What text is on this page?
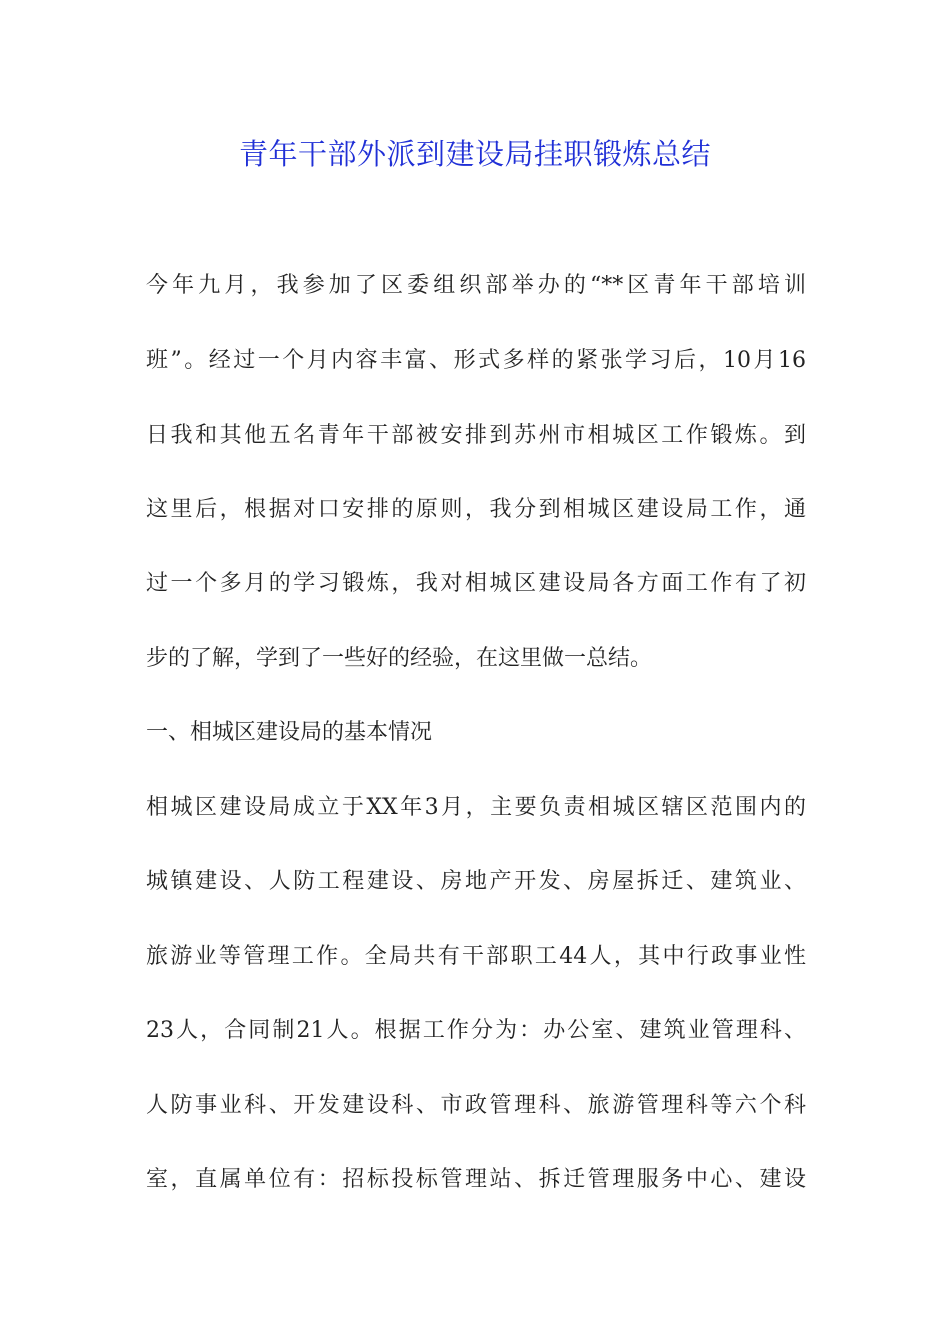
青年干部外派到建设局挂职锻炼总结
今年九月，我参加了区委组织部举办的“**区青年干部培训
班”。经过一个月内容丰富、形式多样的紧张学习后，10月16
日我和其他五名青年干部被安排到苏州市相城区工作锻炼。到
这里后，根据对口安排的原则，我分到相城区建设局工作，通
过一个多月的学习锻炼，我对相城区建设局各方面工作有了初
步的了解，学到了一些好的经验，在这里做一总结。
一、相城区建设局的基本情况
相城区建设局成立于XX年3月，主要负责相城区辖区范围内的
城镇建设、人防工程建设、房地产开发、房屋拆迁、建筑业、
旅游业等管理工作。全局共有干部职工44人，其中行政事业性
23人，合同制21人。根据工作分为：办公室、建筑业管理科、
人防事业科、开发建设科、市政管理科、旅游管理科等六个科
室，直属单位有：招标投标管理站、拆迁管理服务中心、建设
